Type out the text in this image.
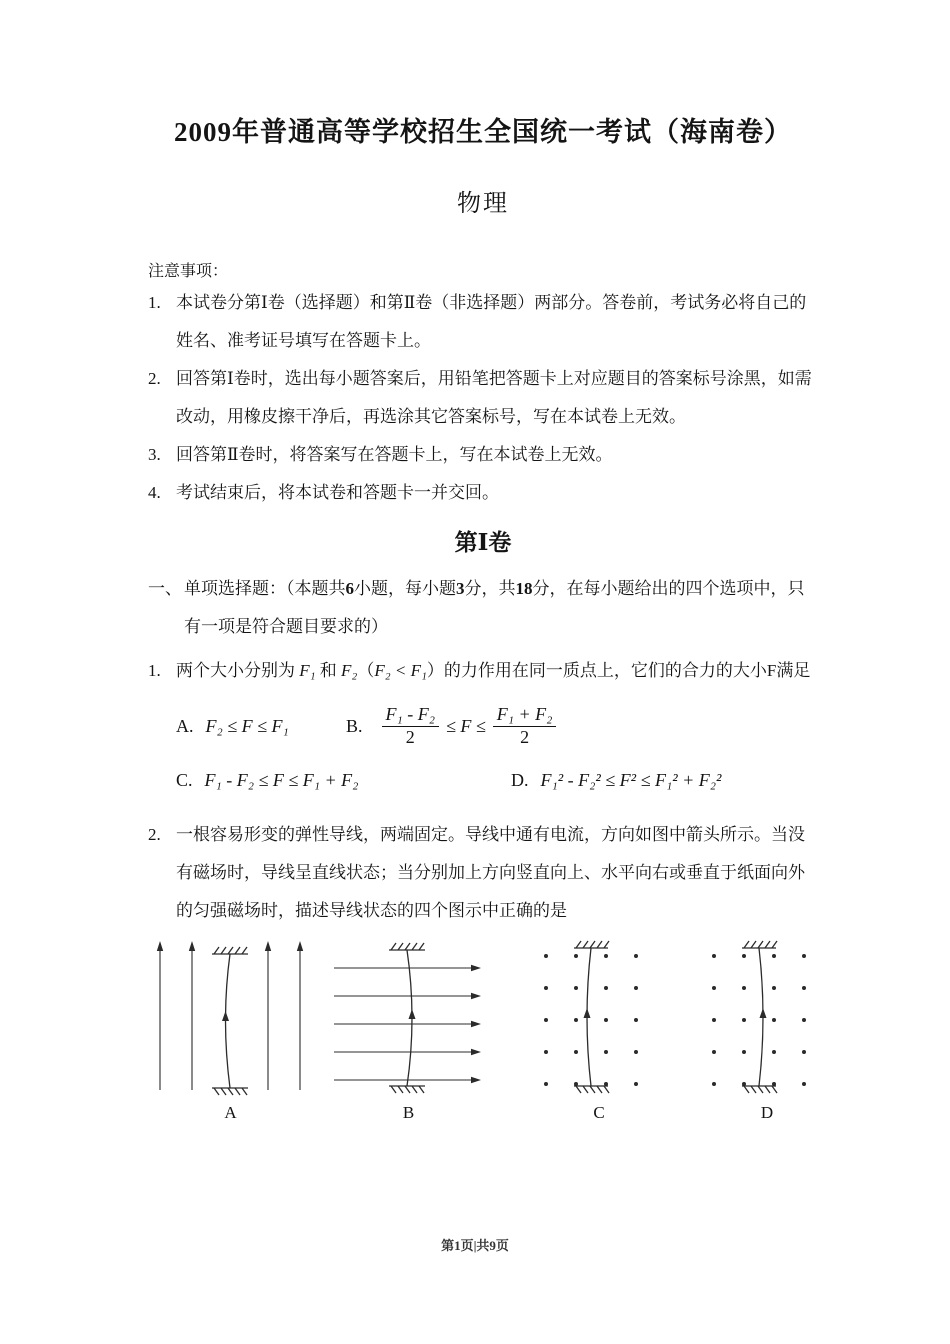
2009年普通高等学校招生全国统一考试（海南卷）
物理
注意事项：
1. 本试卷分第Ⅰ卷（选择题）和第Ⅱ卷（非选择题）两部分。答卷前，考试务必将自己的姓名、准考证号填写在答题卡上。
2. 回答第Ⅰ卷时，选出每小题答案后，用铅笔把答题卡上对应题目的答案标号涂黑，如需改动，用橡皮擦干净后，再选涂其它答案标号，写在本试卷上无效。
3. 回答第Ⅱ卷时，将答案写在答题卡上，写在本试卷上无效。
4. 考试结束后，将本试卷和答题卡一并交回。
第Ⅰ卷
一、 单项选择题：（本题共6小题，每小题3分，共18分，在每小题给出的四个选项中，只有一项是符合题目要求的）
1. 两个大小分别为 F₁ 和 F₂（F₂ < F₁）的力作用在同一质点上，它们的合力的大小F满足
A. F₂ ≤ F ≤ F₁	B. $\frac{\text{F₁ - F₂}}{2} \le F \le \frac{\text{F₁ + F₂}}{2}$
C. F₁ - F₂ ≤ F ≤ F₁ + F₂	D. F₁² - F₂² ≤ F² ≤ F₁² + F₂²
2. 一根容易形变的弹性导线，两端固定。导线中通有电流，方向如图中箭头所示。当没有磁场时，导线呈直线状态；当分别加上方向竖直向上、水平向右或垂直于纸面向外的匀强磁场时，描述导线状态的四个图示中正确的是
A	B	C	D
第1页|共9页
